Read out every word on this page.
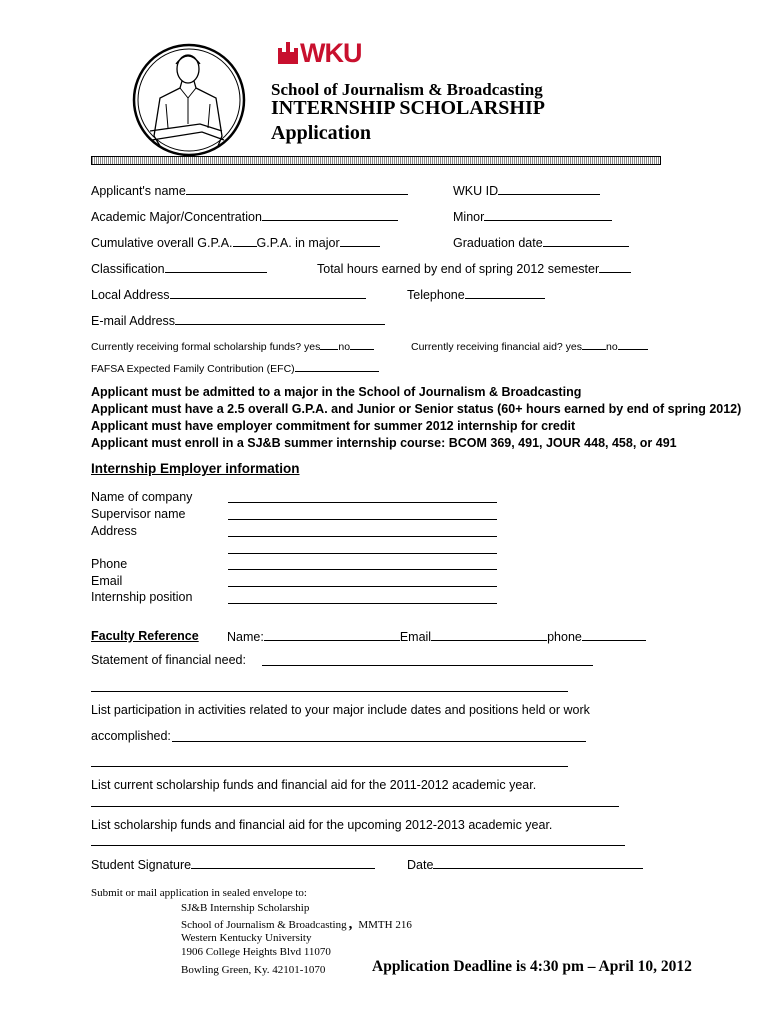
WKU
School of Journalism & Broadcasting
INTERNSHIP SCHOLARSHIP
Application
Applicant's name	WKU ID
Academic Major/Concentration	Minor
Cumulative overall G.P.A. G.P.A. in major	Graduation date
Classification	Total hours earned by end of spring 2012 semester
Local Address	Telephone
E-mail Address
Currently receiving formal scholarship funds? yes no	Currently receiving financial aid? yes no
FAFSA Expected Family Contribution (EFC)
Applicant must be admitted to a major in the School of Journalism & Broadcasting
Applicant must have a 2.5 overall G.P.A. and Junior or Senior status (60+ hours earned by end of spring 2012)
Applicant must have employer commitment for summer 2012 internship for credit
Applicant must enroll in a SJ&B summer internship course: BCOM 369, 491, JOUR 448, 458, or 491
Internship Employer information
Name of company
Supervisor name
Address
Phone
Email
Internship position
Faculty Reference Name:	Email	phone
Statement of financial need:
List participation in activities related to your major include dates and positions held or work
accomplished:
List current scholarship funds and financial aid for the 2011-2012 academic year.
List scholarship funds and financial aid for the upcoming 2012-2013 academic year.
Student Signature	Date
Submit or mail application in sealed envelope to:
SJ&B Internship Scholarship
School of Journalism & Broadcasting , MMTH 216
Western Kentucky University
1906 College Heights Blvd 11070
Bowling Green, Ky. 42101-1070	Application Deadline is 4:30 pm – April 10, 2012
